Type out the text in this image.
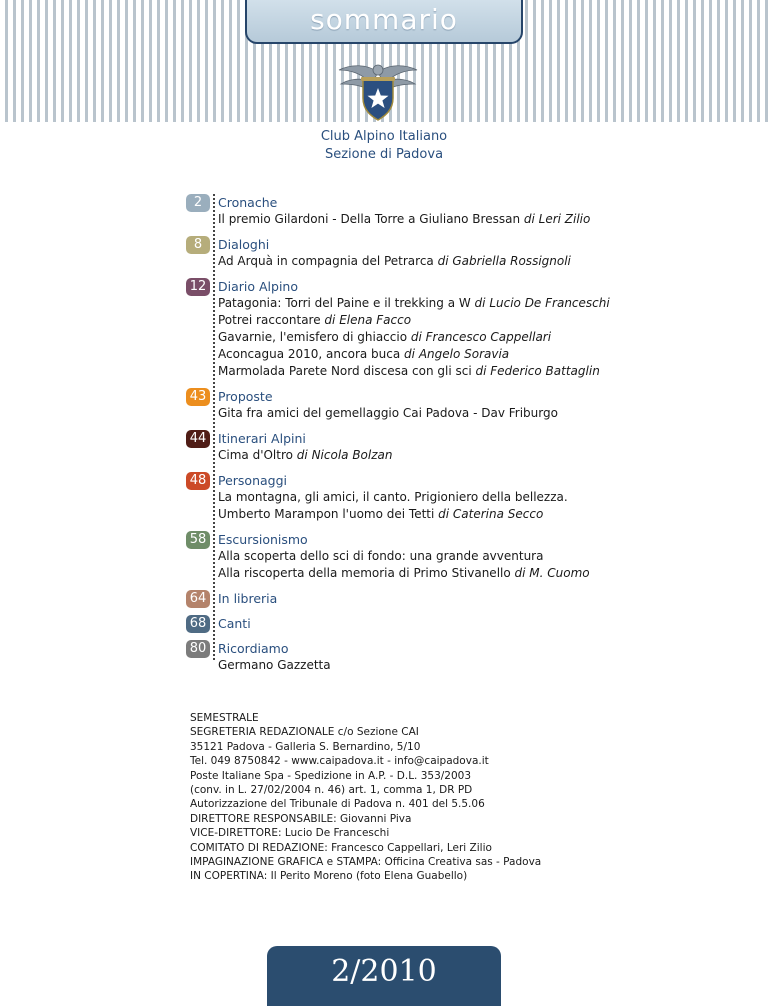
sommario
Club Alpino Italiano
Sezione di Padova
2	Cronache
Il premio Gilardoni - Della Torre a Giuliano Bressan di Leri Zilio
8	Dialoghi
Ad Arquà in compagnia del Petrarca di Gabriella Rossignoli
12 Diario Alpino
Patagonia: Torri del Paine e il trekking a W di Lucio De Franceschi
Potrei raccontare di Elena Facco
Gavarnie, l'emisfero di ghiaccio di Francesco Cappellari
Aconcagua 2010, ancora buca di Angelo Soravia
Marmolada Parete Nord discesa con gli sci di Federico Battaglin
43 Proposte
Gita fra amici del gemellaggio Cai Padova - Dav Friburgo
44 Itinerari Alpini
Cima d'Oltro di Nicola Bolzan
48 Personaggi
La montagna, gli amici, il canto. Prigioniero della bellezza.
Umberto Marampon l'uomo dei Tetti di Caterina Secco
58 Escursionismo
Alla scoperta dello sci di fondo: una grande avventura
Alla riscoperta della memoria di Primo Stivanello di M. Cuomo
64 In libreria
68 Canti
80 Ricordiamo
Germano Gazzetta
SEMESTRALE
SEGRETERIA REDAZIONALE c/o Sezione CAI
35121 Padova - Galleria S. Bernardino, 5/10
Tel. 049 8750842 - www.caipadova.it - info@caipadova.it
Poste Italiane Spa - Spedizione in A.P. - D.L. 353/2003
(conv. in L. 27/02/2004 n. 46) art. 1, comma 1, DR PD
Autorizzazione del Tribunale di Padova n. 401 del 5.5.06
DIRETTORE RESPONSABILE: Giovanni Piva
VICE-DIRETTORE: Lucio De Franceschi
COMITATO DI REDAZIONE: Francesco Cappellari, Leri Zilio
IMPAGINAZIONE GRAFICA e STAMPA: Officina Creativa sas - Padova
IN COPERTINA: Il Perito Moreno (foto Elena Guabello)
2/2010
